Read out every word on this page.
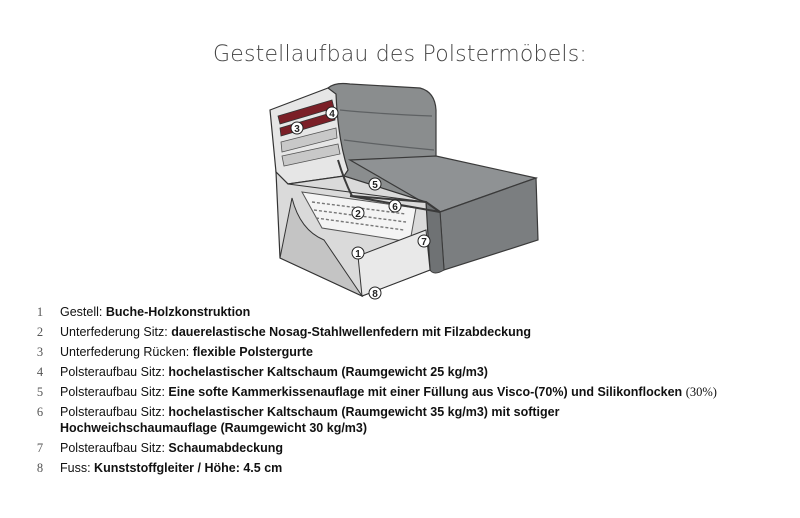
Gestellaufbau des Polstermöbels:
1
2
3
4
5
6
7
8
1 Gestell: Buche-Holzkonstruktion
2 Unterfederung Sitz: dauerelastische Nosag-Stahlwellenfedern mit Filzabdeckung
3 Unterfederung Rücken: flexible Polstergurte
4 Polsteraufbau Sitz: hochelastischer Kaltschaum (Raumgewicht 25 kg/m3)
5 Polsteraufbau Sitz: Eine softe Kammerkissenauflage mit einer Füllung aus Visco-(70%) und Silikonflocken (30%)
6 Polsteraufbau Sitz: hochelastischer Kaltschaum (Raumgewicht 35 kg/m3) mit softiger
Hochweichschaumauflage (Raumgewicht 30 kg/m3)
7 Polsteraufbau Sitz: Schaumabdeckung
8 Fuss: Kunststoffgleiter / Höhe: 4.5 cm
